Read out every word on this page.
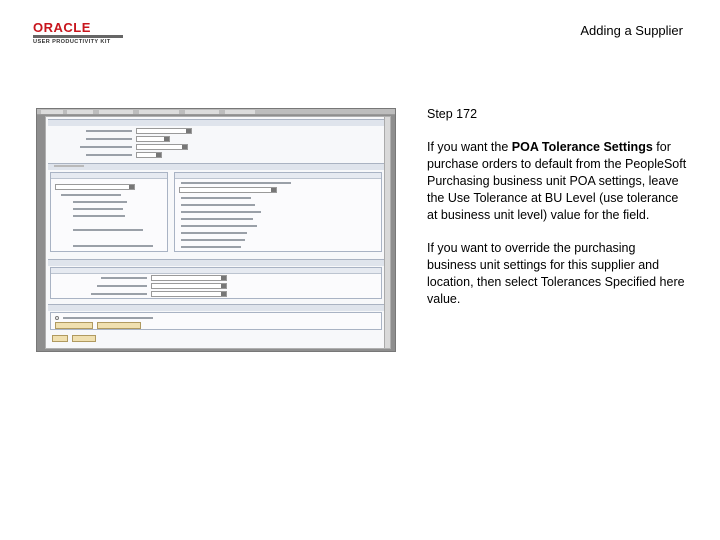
ORACLE
USER PRODUCTIVITY KIT
Adding a Supplier
Step 172

If you want the POA Tolerance Settings for purchase orders to default from the PeopleSoft Purchasing business unit POA settings, leave the Use Tolerance at BU Level (use tolerance at business unit level) value for the field.

If you want to override the purchasing business unit settings for this supplier and location, then select Tolerances Specified here value.
